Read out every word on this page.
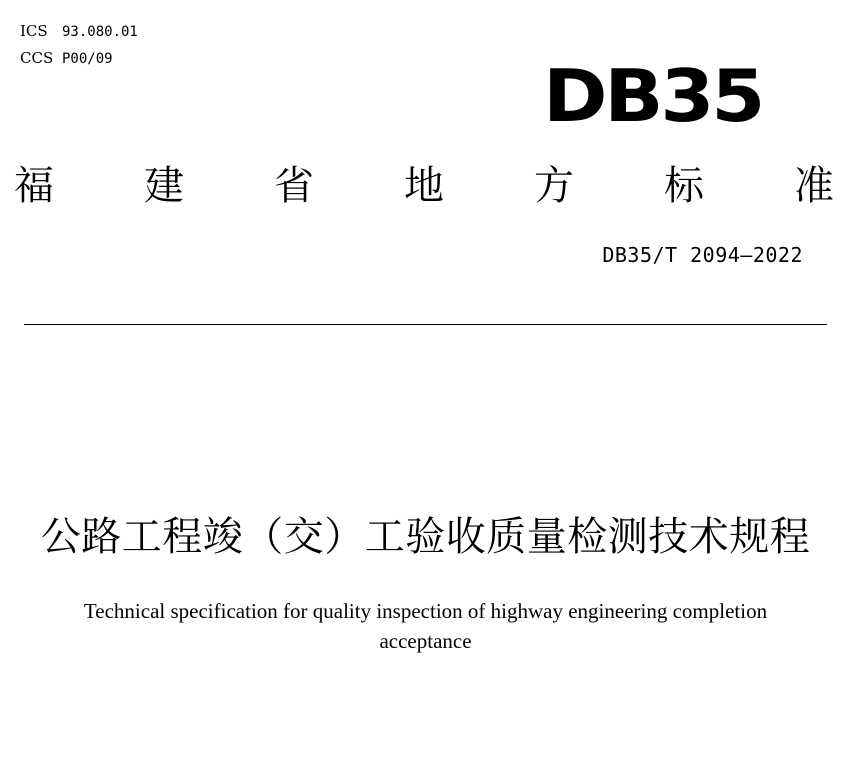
ICS	93.080.01
CCS P00/09	DB35
福 建 省 地 方 标 准
DB35/T 2094—2022
公路工程竣（交）工验收质量检测技术规程
Technical specification for quality inspection of highway engineering completion acceptance
